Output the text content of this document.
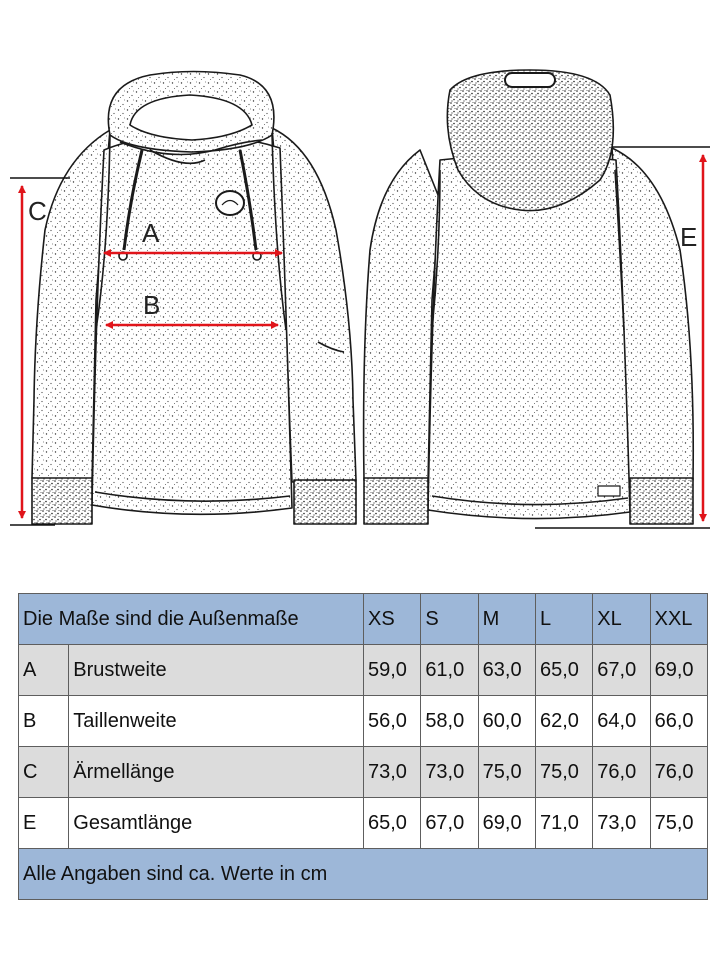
C
A
B
E
Die Maße sind die Außenmaße		XS	S	M	L	XL	XXL
A	Brustweite	59,0	61,0	63,0	65,0	67,0	69,0
B	Taillenweite	56,0	58,0	60,0	62,0	64,0	66,0
C	Ärmellänge	73,0	73,0	75,0	75,0	76,0	76,0
E	Gesamtlänge	65,0	67,0	69,0	71,0	73,0	75,0
Alle Angaben sind ca. Werte in cm							
